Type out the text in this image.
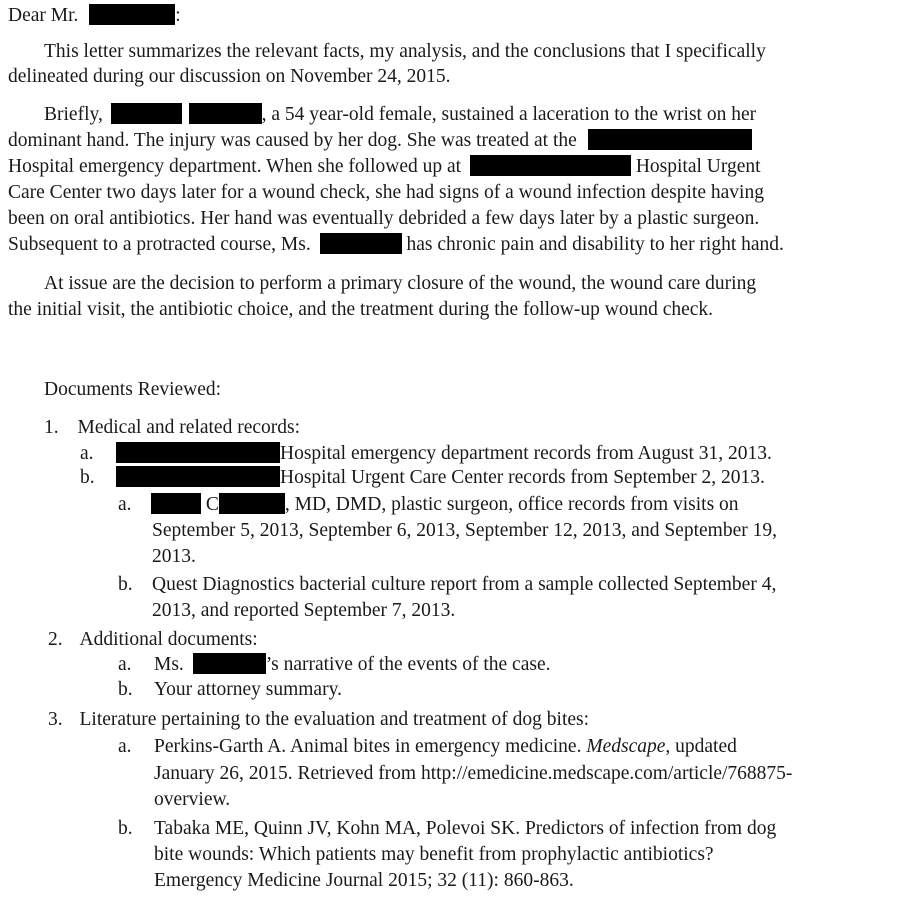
Dear Mr.	:
This letter summarizes the relevant facts, my analysis, and the conclusions that I specifically
delineated during our discussion on November 24, 2015.
Briefly,	, a 54 year-old female, sustained a laceration to the wrist on her
dominant hand. The injury was caused by her dog. She was treated at the
Hospital emergency department. When she followed up at	Hospital Urgent
Care Center two days later for a wound check, she had signs of a wound infection despite having
been on oral antibiotics. Her hand was eventually debrided a few days later by a plastic surgeon.
Subsequent to a protracted course, Ms.	has chronic pain and disability to her right hand.
At issue are the decision to perform a primary closure of the wound, the wound care during
the initial visit, the antibiotic choice, and the treatment during the follow-up wound check.
Documents Reviewed:
1. Medical and related records:
a.	Hospital emergency department records from August 31, 2013.
b.	Hospital Urgent Care Center records from September 2, 2013.
a.	C	, MD, DMD, plastic surgeon, office records from visits on
September 5, 2013, September 6, 2013, September 12, 2013, and September 19,
2013.
b. Quest Diagnostics bacterial culture report from a sample collected September 4,
2013, and reported September 7, 2013.
2. Additional documents:
a. Ms.	’s narrative of the events of the case.
b. Your attorney summary.
3. Literature pertaining to the evaluation and treatment of dog bites:
a. Perkins-Garth A. Animal bites in emergency medicine. Medscape, updated
January 26, 2015. Retrieved from http://emedicine.medscape.com/article/768875-
overview.
b. Tabaka ME, Quinn JV, Kohn MA, Polevoi SK. Predictors of infection from dog
bite wounds: Which patients may benefit from prophylactic antibiotics?
Emergency Medicine Journal 2015; 32 (11): 860-863.
